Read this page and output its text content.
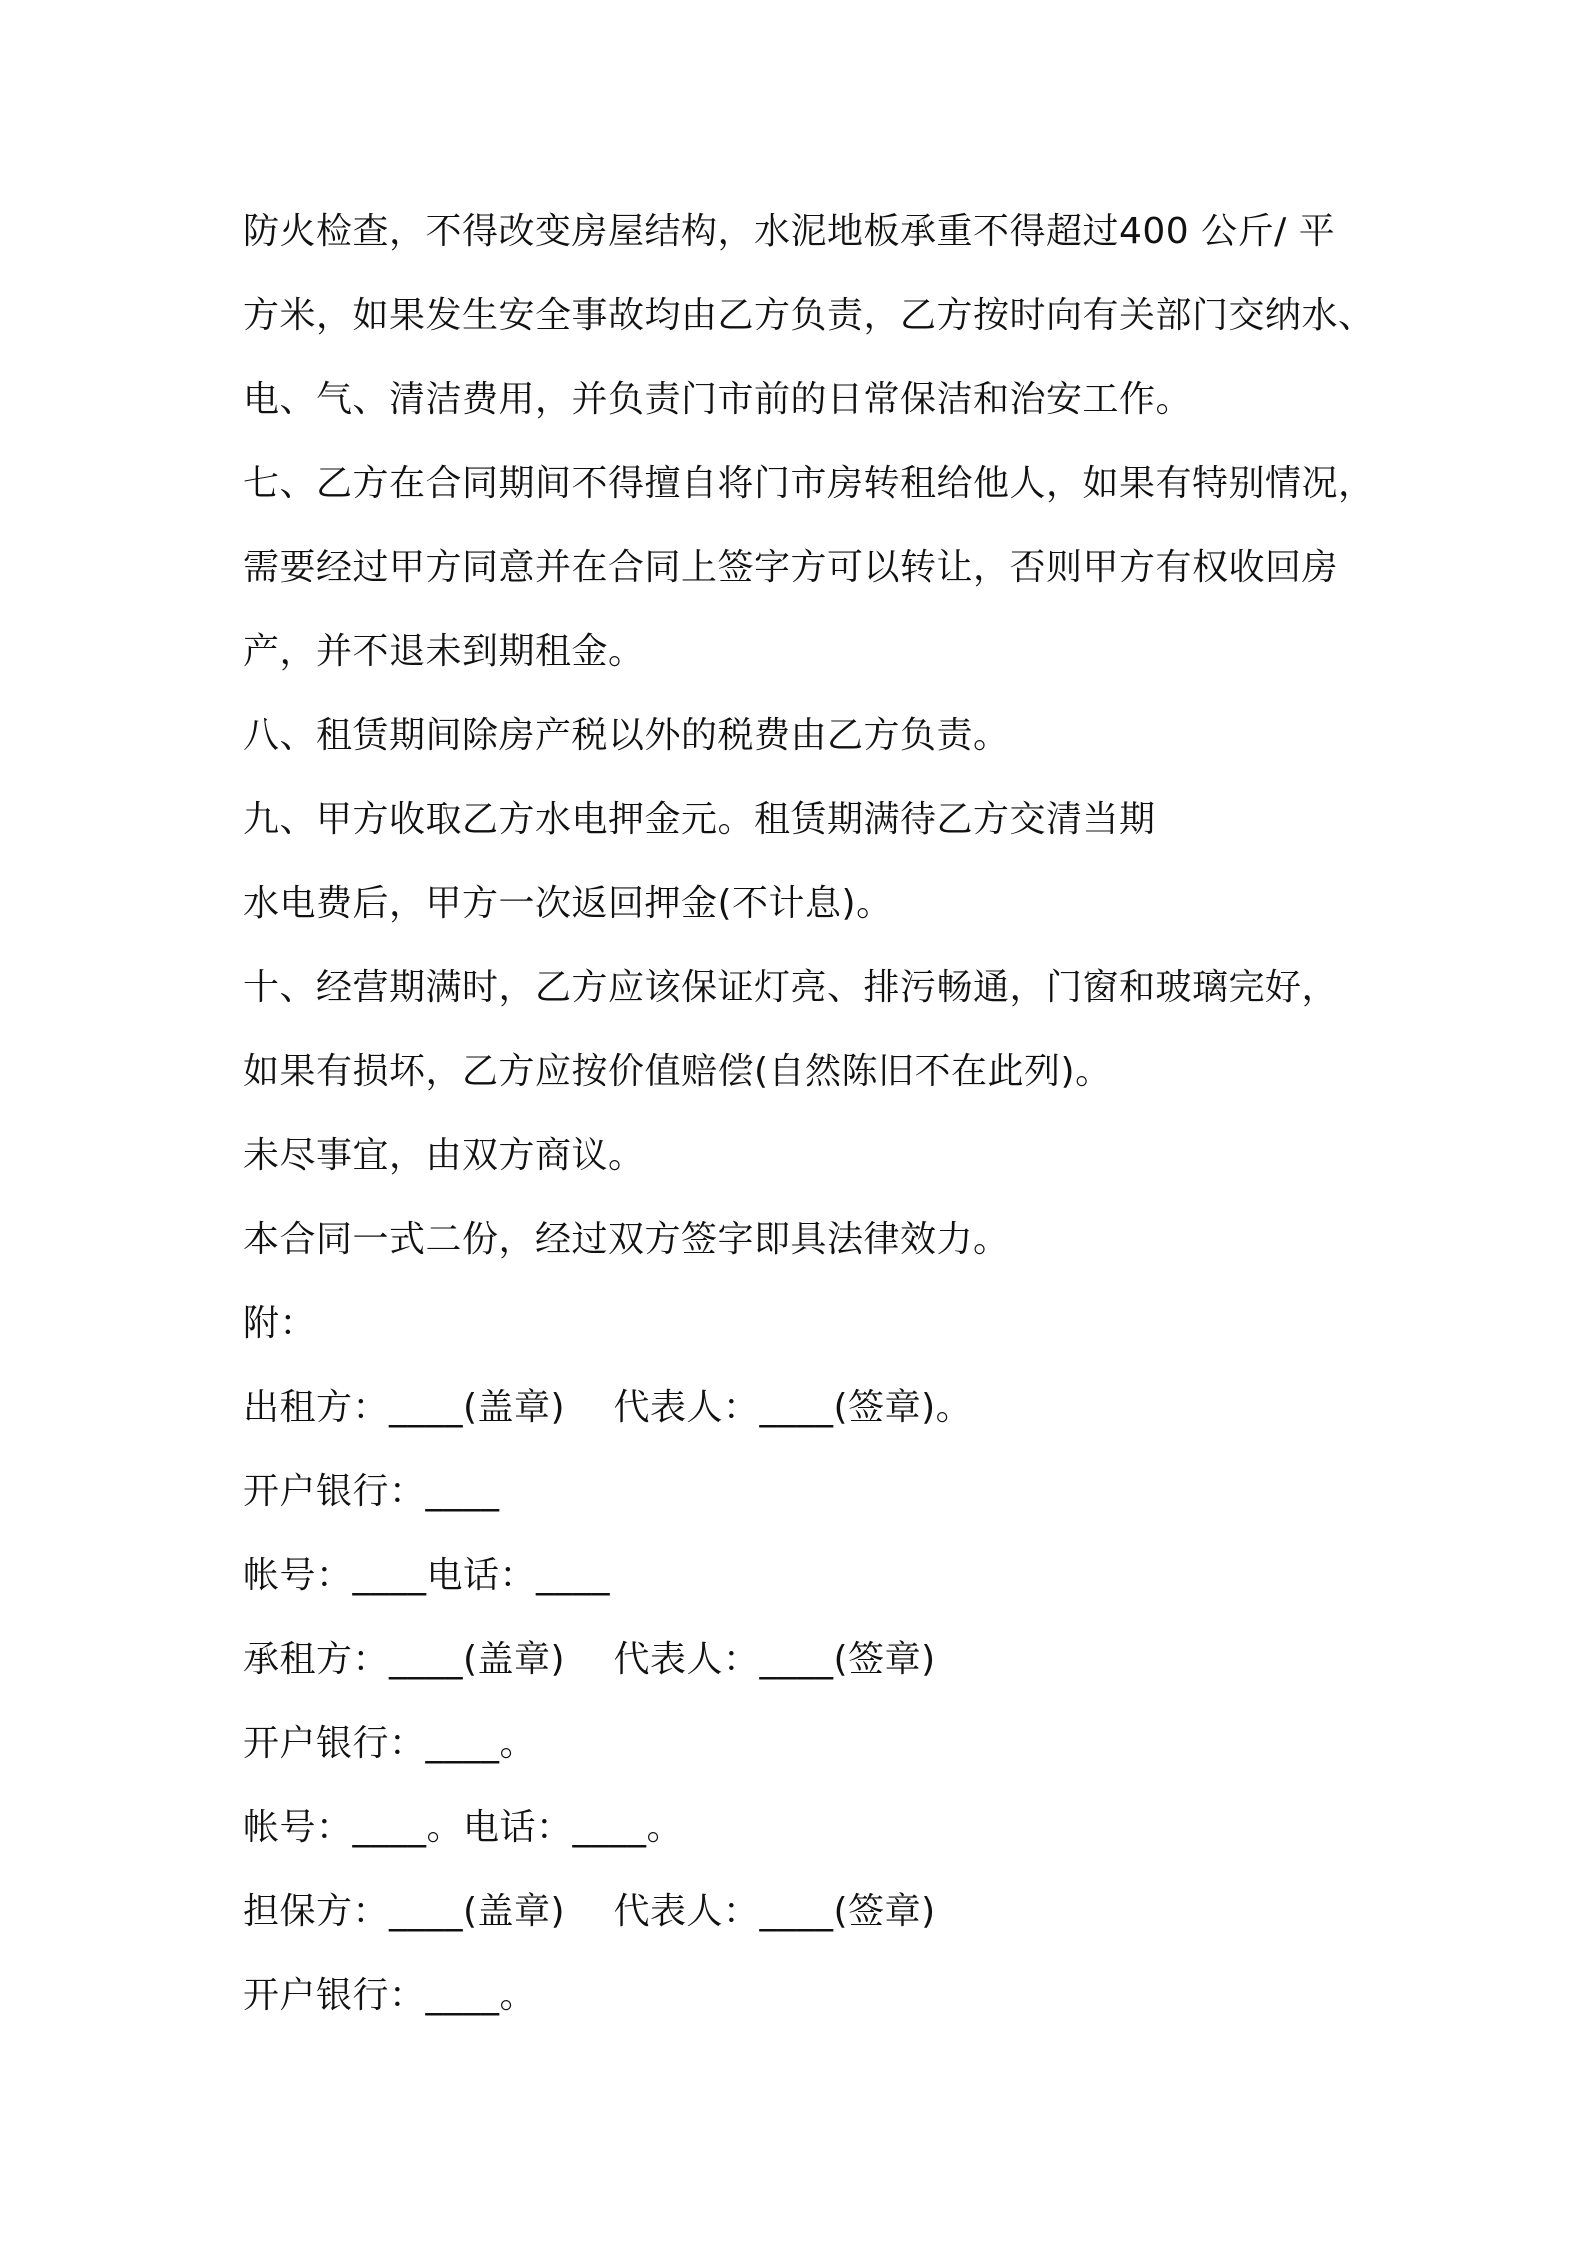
防火检查，不得改变房屋结构，水泥地板承重不得超过400 公斤/ 平
方米，如果发生安全事故均由乙方负责，乙方按时向有关部门交纳水、
电、气、清洁费用，并负责门市前的日常保洁和治安工作。
七、乙方在合同期间不得擅自将门市房转租给他人，如果有特别情况，
需要经过甲方同意并在合同上签字方可以转让，否则甲方有权收回房
产，并不退未到期租金。
八、租赁期间除房产税以外的税费由乙方负责。
九、甲方收取乙方水电押金元。租赁期满待乙方交清当期
水电费后，甲方一次返回押金(不计息)。
十、经营期满时，乙方应该保证灯亮、排污畅通，门窗和玻璃完好，
如果有损坏，乙方应按价值赔偿(自然陈旧不在此列)。
未尽事宜，由双方商议。
本合同一式二份，经过双方签字即具法律效力。
附：
出租方：____(盖章)　 代表人：____(签章)。
开户银行：____
帐号：____电话：____
承租方：____(盖章)　 代表人：____(签章)
开户银行：____。
帐号：____。电话：____。
担保方：____(盖章)　 代表人：____(签章)
开户银行：____。
